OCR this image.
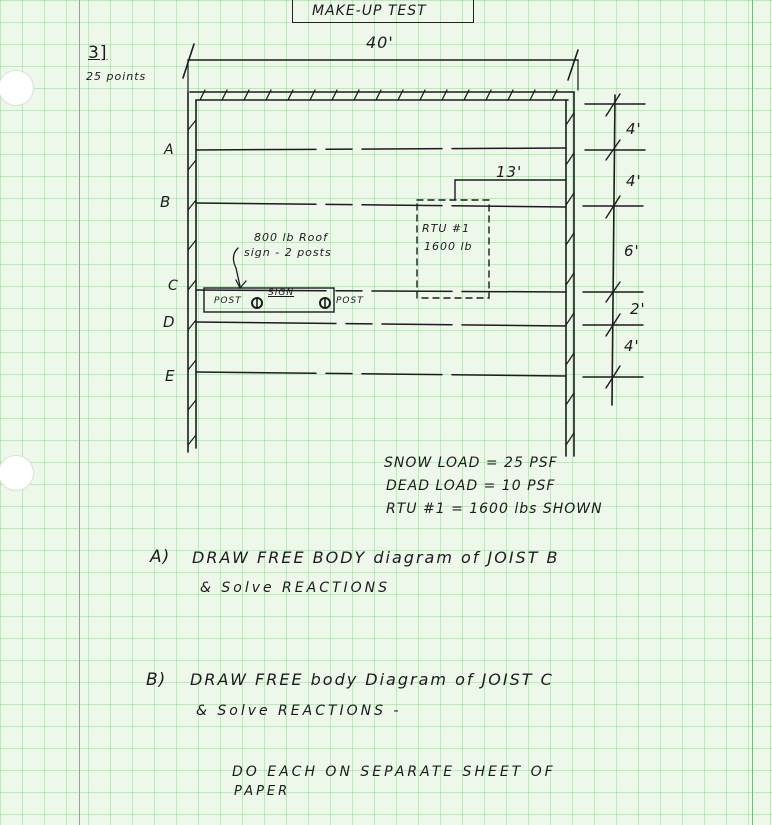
MAKE-UP TEST
3]
25 points
40'
A
B
C
D
E
4'
4'
6'
2'
4'
13'
RTU #1
1600 lb
800 lb Roof
sign - 2 posts
POST
SIGN
POST
SNOW LOAD = 25 PSF
DEAD LOAD = 10 PSF
RTU #1 = 1600 lbs SHOWN
A) DRAW FREE BODY diagram of JOIST B
& Solve REACTIONS
B) DRAW FREE body Diagram of JOIST C
& Solve REACTIONS -
DO EACH ON SEPARATE SHEET OF
PAPER
